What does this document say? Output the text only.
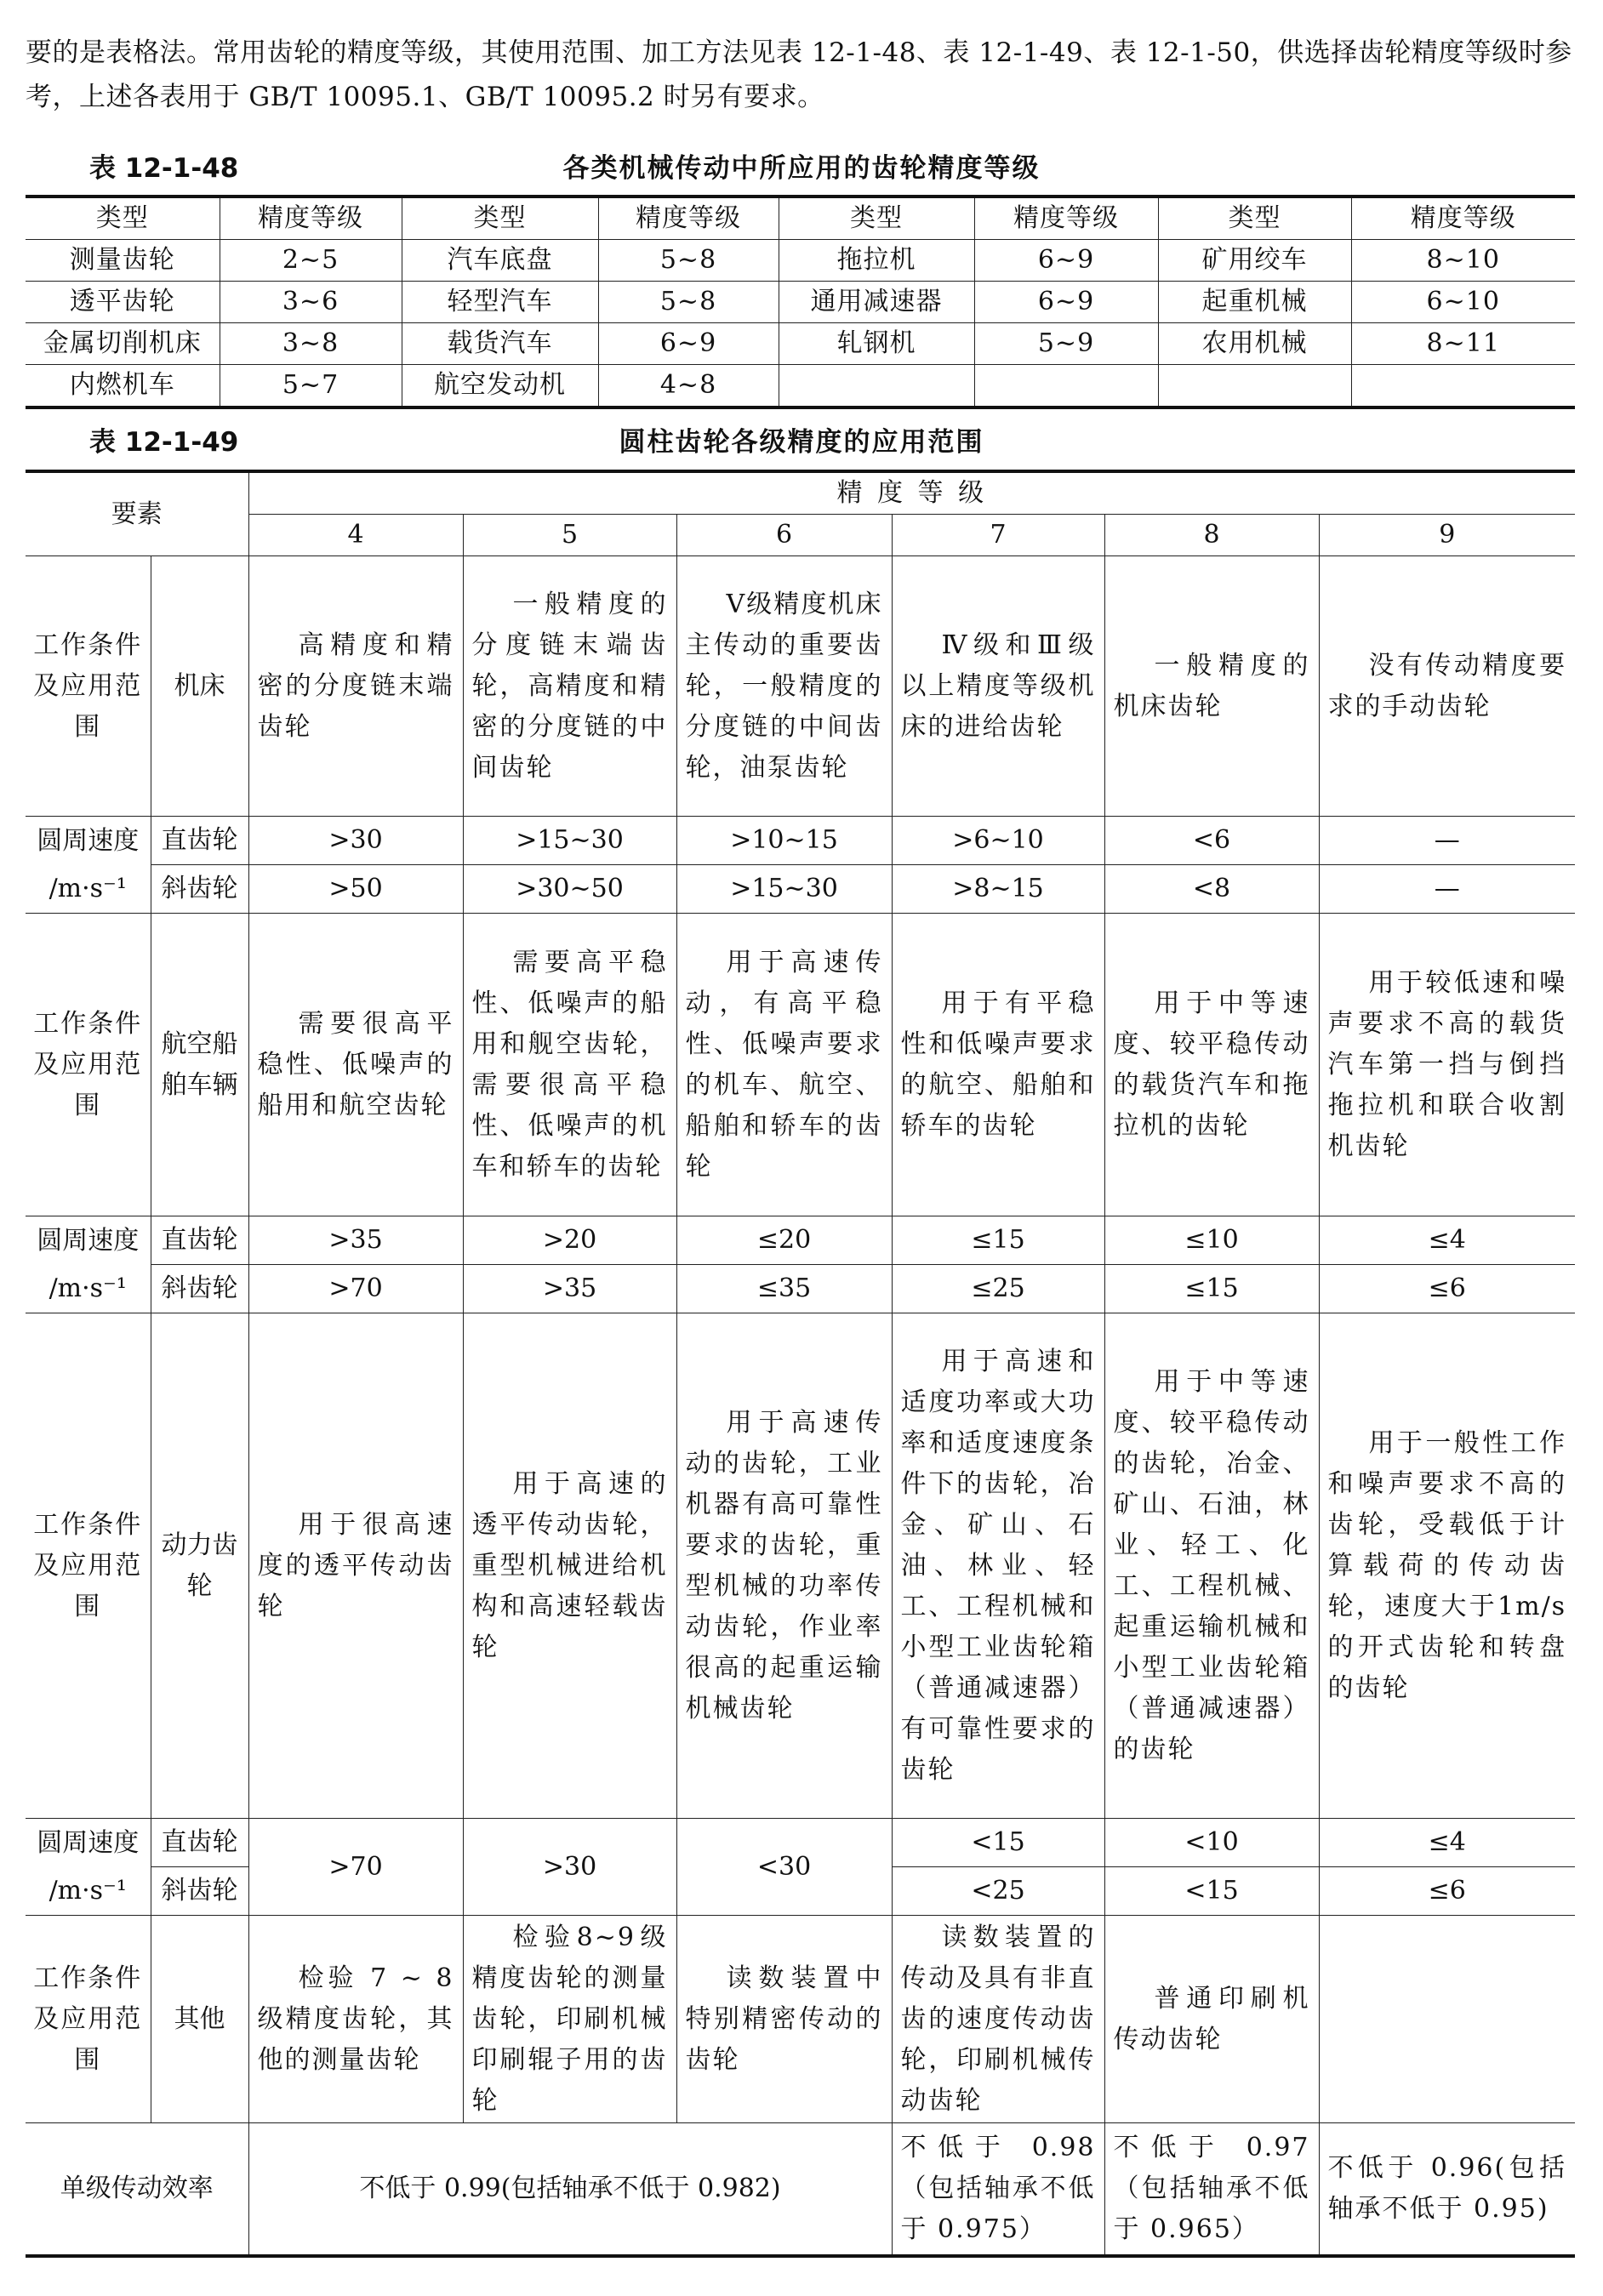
要的是表格法。常用齿轮的精度等级，其使用范围、加工方法见表 12-1-48、表 12-1-49、表 12-1-50，供选择齿轮精度等级时参考，上述各表用于 GB/T 10095.1、GB/T 10095.2 时另有要求。
表 12-1-48	各类机械传动中所应用的齿轮精度等级
类型	精度等级	类型	精度等级	类型	精度等级	类型	精度等级
测量齿轮	2~5	汽车底盘	5~8	拖拉机	6~9	矿用绞车	8~10
透平齿轮	3~6	轻型汽车	5~8	通用减速器	6~9	起重机械	6~10
金属切削机床	3~8	载货汽车	6~9	轧钢机	5~9	农用机械	8~11
内燃机车	5~7	航空发动机	4~8				
表 12-1-49	圆柱齿轮各级精度的应用范围
要素		精 度 等 级					
		4	5	6	7	8	9
工作条件及应用范围	机床	高精度和精密的分度链末端齿轮	一般精度的分度链末端齿轮，高精度和精密的分度链的中间齿轮	Ⅴ级精度机床主传动的重要齿轮，一般精度的分度链的中间齿轮，油泵齿轮	Ⅳ级和Ⅲ级以上精度等级机床的进给齿轮	一般精度的机床齿轮	没有传动精度要求的手动齿轮
圆周速度
/m·s⁻¹	直齿轮	>30	>15~30	>10~15	>6~10	<6	—
	斜齿轮	>50	>30~50	>15~30	>8~15	<8	—
工作条件及应用范围	航空船舶车辆	需要很高平稳性、低噪声的船用和航空齿轮	需要高平稳性、低噪声的船用和舰空齿轮，需要很高平稳性、低噪声的机车和轿车的齿轮	用于高速传动，有高平稳性、低噪声要求的机车、航空、船舶和轿车的齿轮	用于有平稳性和低噪声要求的航空、船舶和轿车的齿轮	用于中等速度、较平稳传动的载货汽车和拖拉机的齿轮	用于较低速和噪声要求不高的载货汽车第一挡与倒挡拖拉机和联合收割机齿轮
圆周速度
/m·s⁻¹	直齿轮	>35	>20	≤20	≤15	≤10	≤4
	斜齿轮	>70	>35	≤35	≤25	≤15	≤6
工作条件及应用范围	动力齿轮	用于很高速度的透平传动齿轮	用于高速的透平传动齿轮，重型机械进给机构和高速轻载齿轮	用于高速传动的齿轮，工业机器有高可靠性要求的齿轮，重型机械的功率传动齿轮，作业率很高的起重运输机械齿轮	用于高速和适度功率或大功率和适度速度条件下的齿轮，冶金、矿山、石油、林业、轻工、工程机械和小型工业齿轮箱（普通减速器）有可靠性要求的齿轮	用于中等速度、较平稳传动的齿轮，冶金、矿山、石油，林业、轻工、化工、工程机械、起重运输机械和小型工业齿轮箱（普通减速器）的齿轮	用于一般性工作和噪声要求不高的齿轮，受载低于计算载荷的传动齿轮，速度大于1m/s的开式齿轮和转盘的齿轮
圆周速度
/m·s⁻¹	直齿轮	>70	>30	<30	<15	<10	≤4
	斜齿轮				<25	<15	≤6
工作条件及应用范围	其他	检验 7 ~ 8 级精度齿轮，其他的测量齿轮	检验8~9级精度齿轮的测量齿轮，印刷机械印刷辊子用的齿轮	读数装置中特别精密传动的齿轮	读数装置的传动及具有非直齿的速度传动齿轮，印刷机械传动齿轮	普通印刷机传动齿轮	
单级传动效率		不低于 0.99(包括轴承不低于 0.982)			不低于 0.98（包括轴承不低于 0.975）	不低于 0.97（包括轴承不低于 0.965）	不低于 0.96(包括轴承不低于 0.95)
